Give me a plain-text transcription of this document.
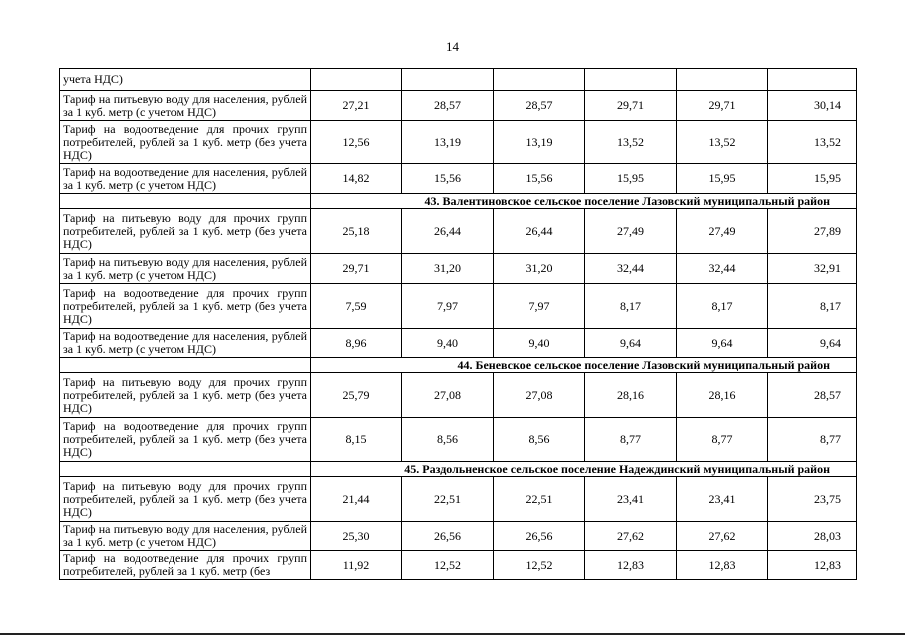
14
учета НДС)						
Тариф на питьевую воду для населения, рублей за 1 куб. метр (с учетом НДС)	27,21	28,57	28,57	29,71	29,71	30,14
Тариф на водоотведение для прочих групп потребителей, рублей за 1 куб. метр (без учета НДС)	12,56	13,19	13,19	13,52	13,52	13,52
Тариф на водоотведение для населения, рублей за 1 куб. метр (с учетом НДС)	14,82	15,56	15,56	15,95	15,95	15,95
	43. Валентиновское сельское поселение Лазовский муниципальный район					
Тариф на питьевую воду для прочих групп потребителей, рублей за 1 куб. метр (без учета НДС)	25,18	26,44	26,44	27,49	27,49	27,89
Тариф на питьевую воду для населения, рублей за 1 куб. метр (с учетом НДС)	29,71	31,20	31,20	32,44	32,44	32,91
Тариф на водоотведение для прочих групп потребителей, рублей за 1 куб. метр (без учета НДС)	7,59	7,97	7,97	8,17	8,17	8,17
Тариф на водоотведение для населения, рублей за 1 куб. метр (с учетом НДС)	8,96	9,40	9,40	9,64	9,64	9,64
	44. Беневское сельское поселение Лазовский муниципальный район					
Тариф на питьевую воду для прочих групп потребителей, рублей за 1 куб. метр (без учета НДС)	25,79	27,08	27,08	28,16	28,16	28,57
Тариф на водоотведение для прочих групп потребителей, рублей за 1 куб. метр (без учета НДС)	8,15	8,56	8,56	8,77	8,77	8,77
	45. Раздольненское сельское поселение Надеждинский муниципальный район					
Тариф на питьевую воду для прочих групп потребителей, рублей за 1 куб. метр (без учета НДС)	21,44	22,51	22,51	23,41	23,41	23,75
Тариф на питьевую воду для населения, рублей за 1 куб. метр (с учетом НДС)	25,30	26,56	26,56	27,62	27,62	28,03
Тариф на водоотведение для прочих групп потребителей, рублей за 1 куб. метр (без	11,92	12,52	12,52	12,83	12,83	12,83
